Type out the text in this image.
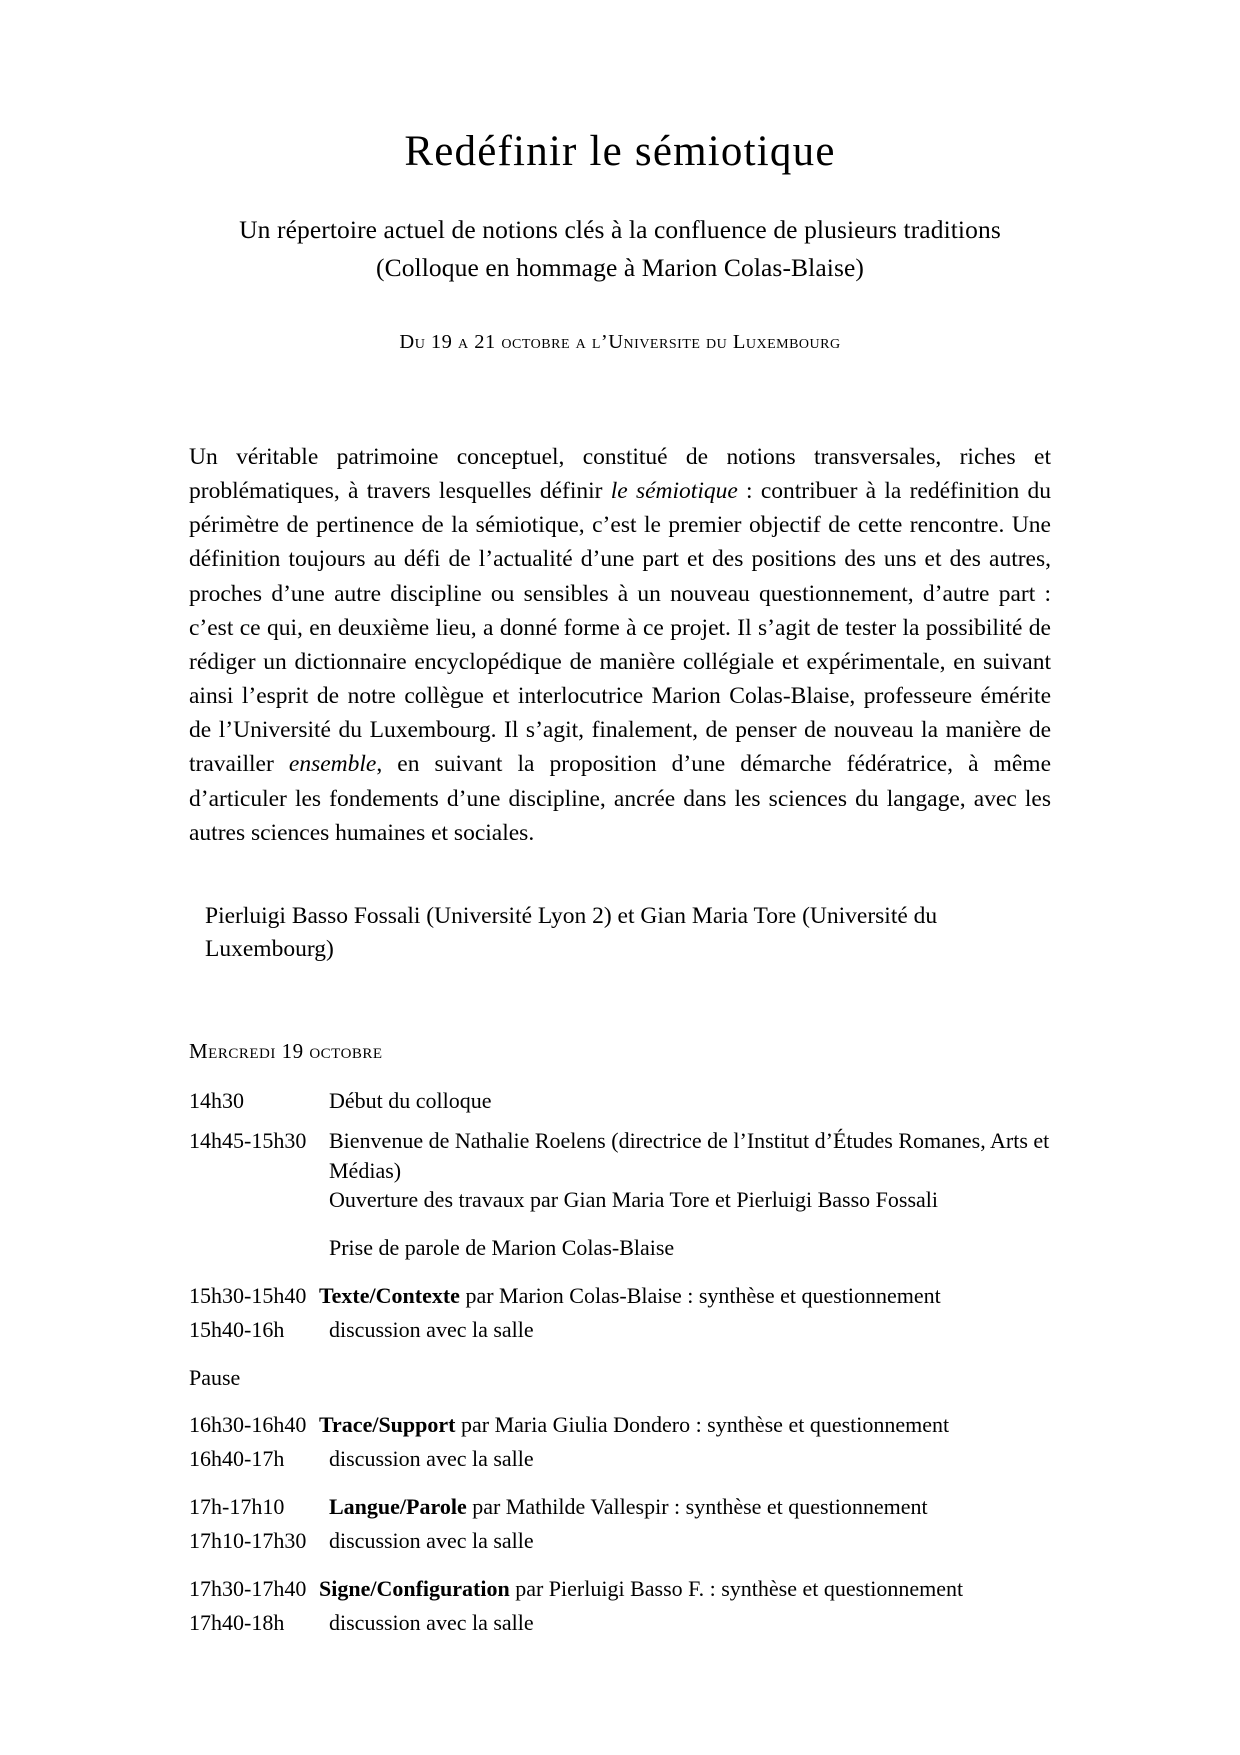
Redéfinir le sémiotique
Un répertoire actuel de notions clés à la confluence de plusieurs traditions
(Colloque en hommage à Marion Colas-Blaise)
Du 19 a 21 octobre a l’Universite du Luxembourg

Un véritable patrimoine conceptuel, constitué de notions transversales, riches et problématiques, à travers lesquelles définir le sémiotique : contribuer à la redéfinition du périmètre de pertinence de la sémiotique, c’est le premier objectif de cette rencontre. Une définition toujours au défi de l’actualité d’une part et des positions des uns et des autres, proches d’une autre discipline ou sensibles à un nouveau questionnement, d’autre part : c’est ce qui, en deuxième lieu, a donné forme à ce projet. Il s’agit de tester la possibilité de rédiger un dictionnaire encyclopédique de manière collégiale et expérimentale, en suivant ainsi l’esprit de notre collègue et interlocutrice Marion Colas-Blaise, professeure émérite de l’Université du Luxembourg. Il s’agit, finalement, de penser de nouveau la manière de travailler ensemble, en suivant la proposition d’une démarche fédératrice, à même d’articuler les fondements d’une discipline, ancrée dans les sciences du langage, avec les autres sciences humaines et sociales.

Pierluigi Basso Fossali (Université Lyon 2) et Gian Maria Tore (Université du Luxembourg)
Mercredi 19 octobre
14h30	Début du colloque
14h45-15h30	Bienvenue de Nathalie Roelens (directrice de l’Institut d’Études Romanes, Arts et Médias)
Ouverture des travaux par Gian Maria Tore et Pierluigi Basso Fossali
Prise de parole de Marion Colas-Blaise
15h30-15h40 Texte/Contexte par Marion Colas-Blaise : synthèse et questionnement
15h40-16h	discussion avec la salle
Pause
16h30-16h40 Trace/Support par Maria Giulia Dondero : synthèse et questionnement
16h40-17h	discussion avec la salle
17h-17h10	Langue/Parole par Mathilde Vallespir : synthèse et questionnement
17h10-17h30	discussion avec la salle
17h30-17h40 Signe/Configuration par Pierluigi Basso F. : synthèse et questionnement
17h40-18h	discussion avec la salle
